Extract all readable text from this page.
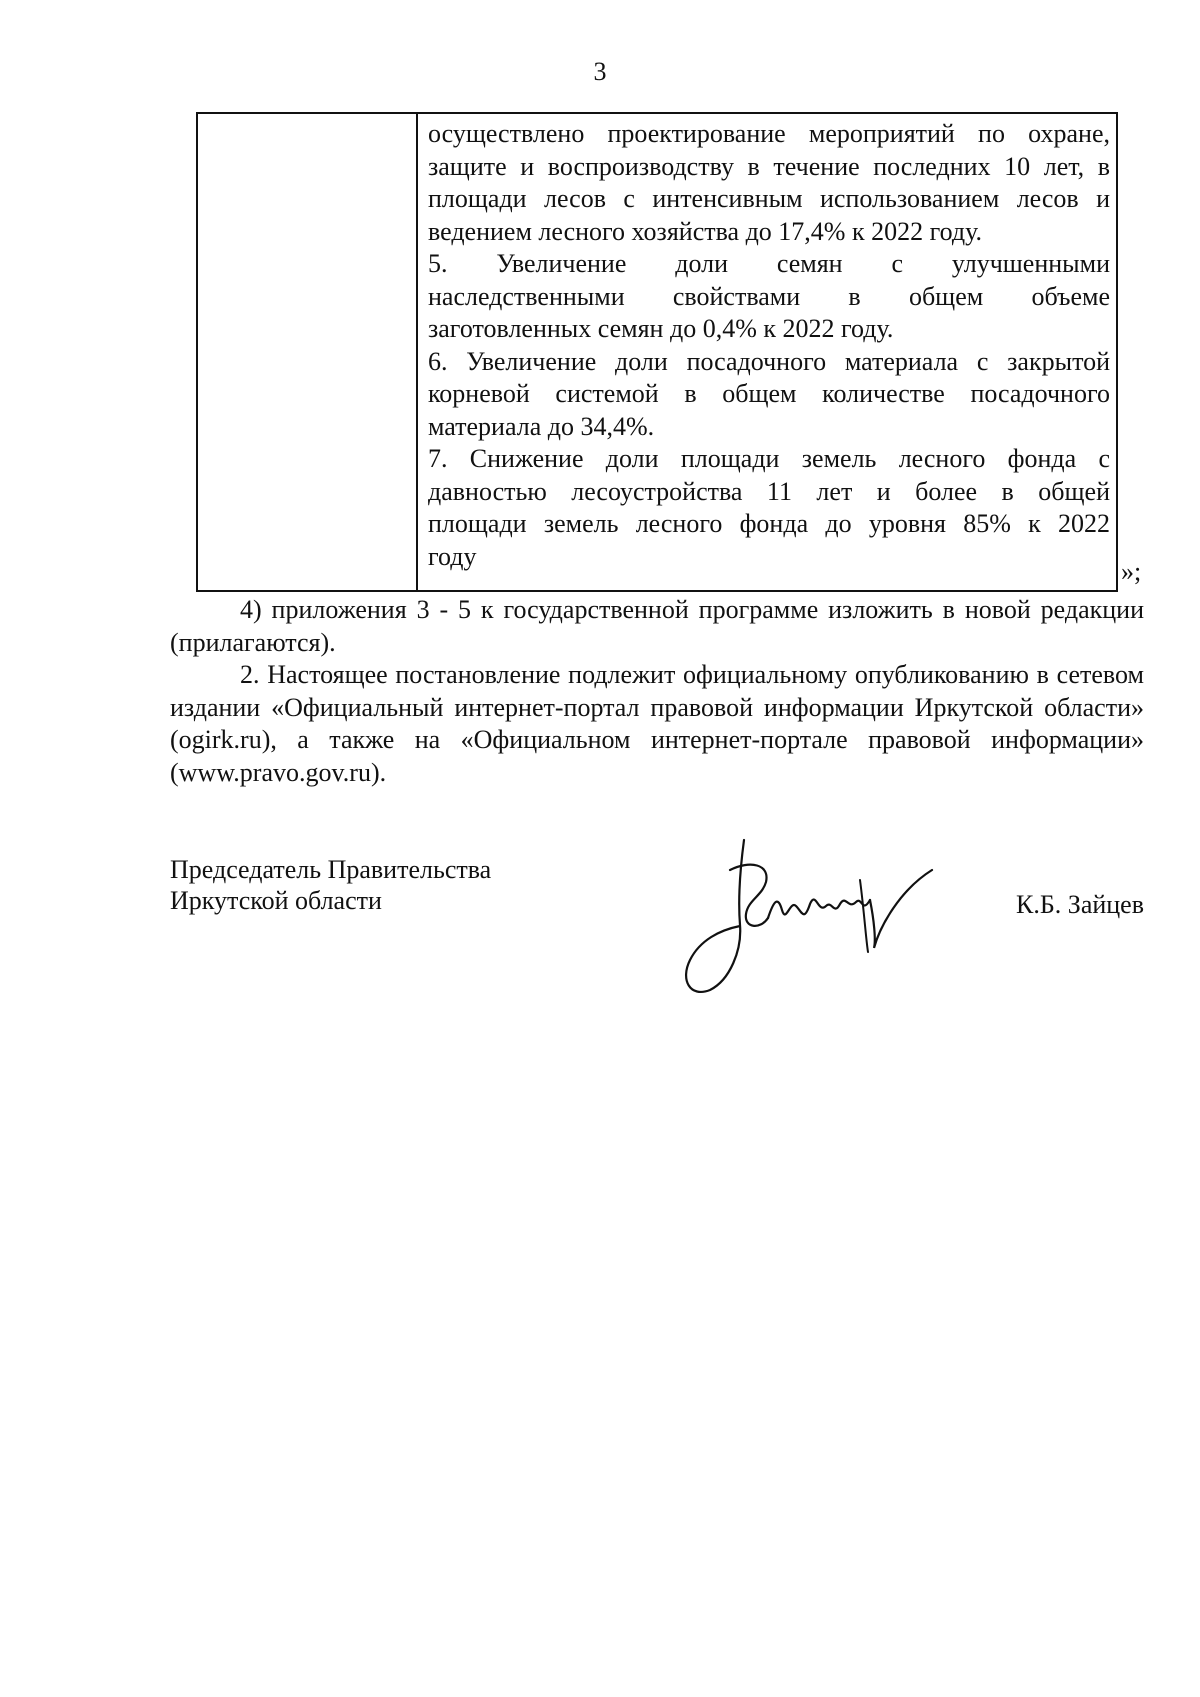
3

осуществлено проектирование мероприятий по охране,

защите и воспроизводству в течение последних 10 лет, в

площади лесов с интенсивным использованием лесов и

ведением лесного хозяйства до 17,4% к 2022 году.

5. Увеличение доли семян с улучшенными

наследственными свойствами в общем объеме

заготовленных семян до 0,4% к 2022 году.

6. Увеличение доли посадочного материала с закрытой

корневой системой в общем количестве посадочного

материала до 34,4%.

7. Снижение доли площади земель лесного фонда с

давностью лесоустройства 11 лет и более в общей

площади земель лесного фонда до уровня 85% к 2022

году

»;

4) приложения 3 - 5 к государственной программе изложить в новой редакции (прилагаются).

2. Настоящее постановление подлежит официальному опубликованию в сетевом издании «Официальный интернет-портал правовой информации Иркутской области» (ogirk.ru), а также на «Официальном интернет-портале правовой информации» (www.pravo.gov.ru).

Председатель Правительства
Иркутской области	К.Б. Зайцев
